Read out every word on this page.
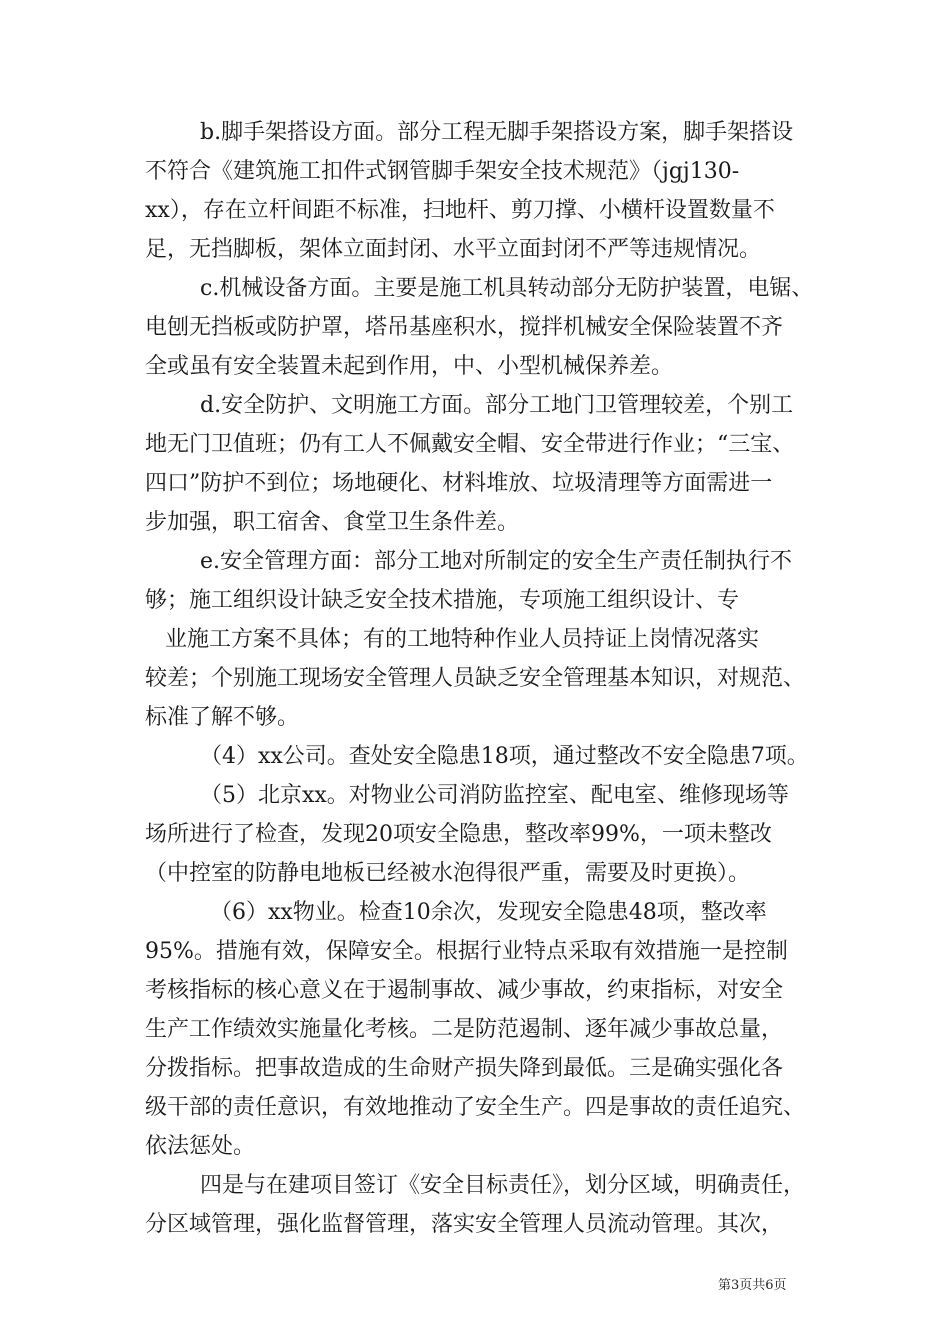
b.脚手架搭设方面。部分工程无脚手架搭设方案，脚手架搭设
不符合《建筑施工扣件式钢管脚手架安全技术规范》（jgj130-
xx），存在立杆间距不标准，扫地杆、剪刀撑、小横杆设置数量不
足，无挡脚板，架体立面封闭、水平立面封闭不严等违规情况。
c.机械设备方面。主要是施工机具转动部分无防护装置，电锯、
电刨无挡板或防护罩，塔吊基座积水，搅拌机械安全保险装置不齐
全或虽有安全装置未起到作用，中、小型机械保养差。
d.安全防护、文明施工方面。部分工地门卫管理较差，个别工
地无门卫值班；仍有工人不佩戴安全帽、安全带进行作业；“三宝、
四口”防护不到位；场地硬化、材料堆放、垃圾清理等方面需进一
步加强，职工宿舍、食堂卫生条件差。
e.安全管理方面：部分工地对所制定的安全生产责任制执行不
够；施工组织设计缺乏安全技术措施，专项施工组织设计、专
业施工方案不具体；有的工地特种作业人员持证上岗情况落实
较差；个别施工现场安全管理人员缺乏安全管理基本知识，对规范、
标准了解不够。
（4）xx公司。查处安全隐患18项，通过整改不安全隐患7项。
（5）北京xx。对物业公司消防监控室、配电室、维修现场等
场所进行了检查，发现20项安全隐患，整改率99%，一项未整改
（中控室的防静电地板已经被水泡得很严重，需要及时更换）。
（6）xx物业。检查10余次，发现安全隐患48项，整改率
95%。措施有效，保障安全。根据行业特点采取有效措施一是控制
考核指标的核心意义在于遏制事故、减少事故，约束指标，对安全
生产工作绩效实施量化考核。二是防范遏制、逐年减少事故总量，
分拨指标。把事故造成的生命财产损失降到最低。三是确实强化各
级干部的责任意识，有效地推动了安全生产。四是事故的责任追究、
依法惩处。
四是与在建项目签订《安全目标责任》，划分区域，明确责任，
分区域管理，强化监督管理，落实安全管理人员流动管理。其次，
第3页共6页
